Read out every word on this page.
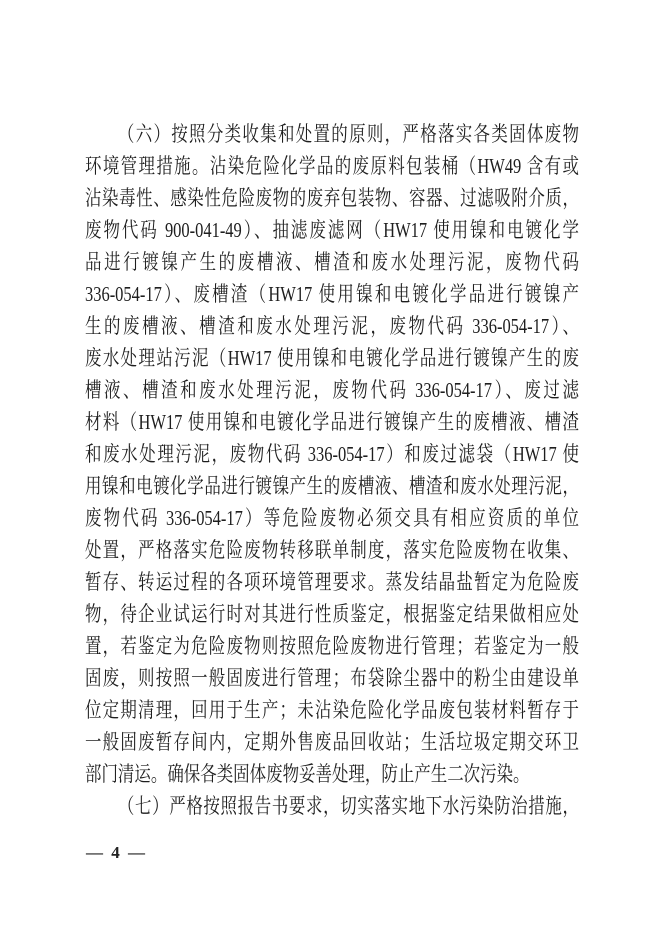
（六）按照分类收集和处置的原则，严格落实各类固体废物
环境管理措施。沾染危险化学品的废原料包装桶（HW49 含有或
沾染毒性、感染性危险废物的废弃包装物、容器、过滤吸附介质，
废物代码 900-041-49）、抽滤废滤网（HW17 使用镍和电镀化学
品进行镀镍产生的废槽液、槽渣和废水处理污泥，废物代码
336-054-17）、废槽渣（HW17 使用镍和电镀化学品进行镀镍产
生的废槽液、槽渣和废水处理污泥，废物代码 336-054-17）、
废水处理站污泥（HW17 使用镍和电镀化学品进行镀镍产生的废
槽液、槽渣和废水处理污泥，废物代码 336-054-17）、废过滤
材料（HW17 使用镍和电镀化学品进行镀镍产生的废槽液、槽渣
和废水处理污泥，废物代码 336-054-17）和废过滤袋（HW17 使
用镍和电镀化学品进行镀镍产生的废槽液、槽渣和废水处理污泥，
废物代码 336-054-17）等危险废物必须交具有相应资质的单位
处置，严格落实危险废物转移联单制度，落实危险废物在收集、
暂存、转运过程的各项环境管理要求。蒸发结晶盐暂定为危险废
物，待企业试运行时对其进行性质鉴定，根据鉴定结果做相应处
置，若鉴定为危险废物则按照危险废物进行管理；若鉴定为一般
固废，则按照一般固废进行管理；布袋除尘器中的粉尘由建设单
位定期清理，回用于生产；未沾染危险化学品废包装材料暂存于
一般固废暂存间内，定期外售废品回收站；生活垃圾定期交环卫
部门清运。确保各类固体废物妥善处理，防止产生二次污染。
（七）严格按照报告书要求，切实落实地下水污染防治措施，
— 4 —
